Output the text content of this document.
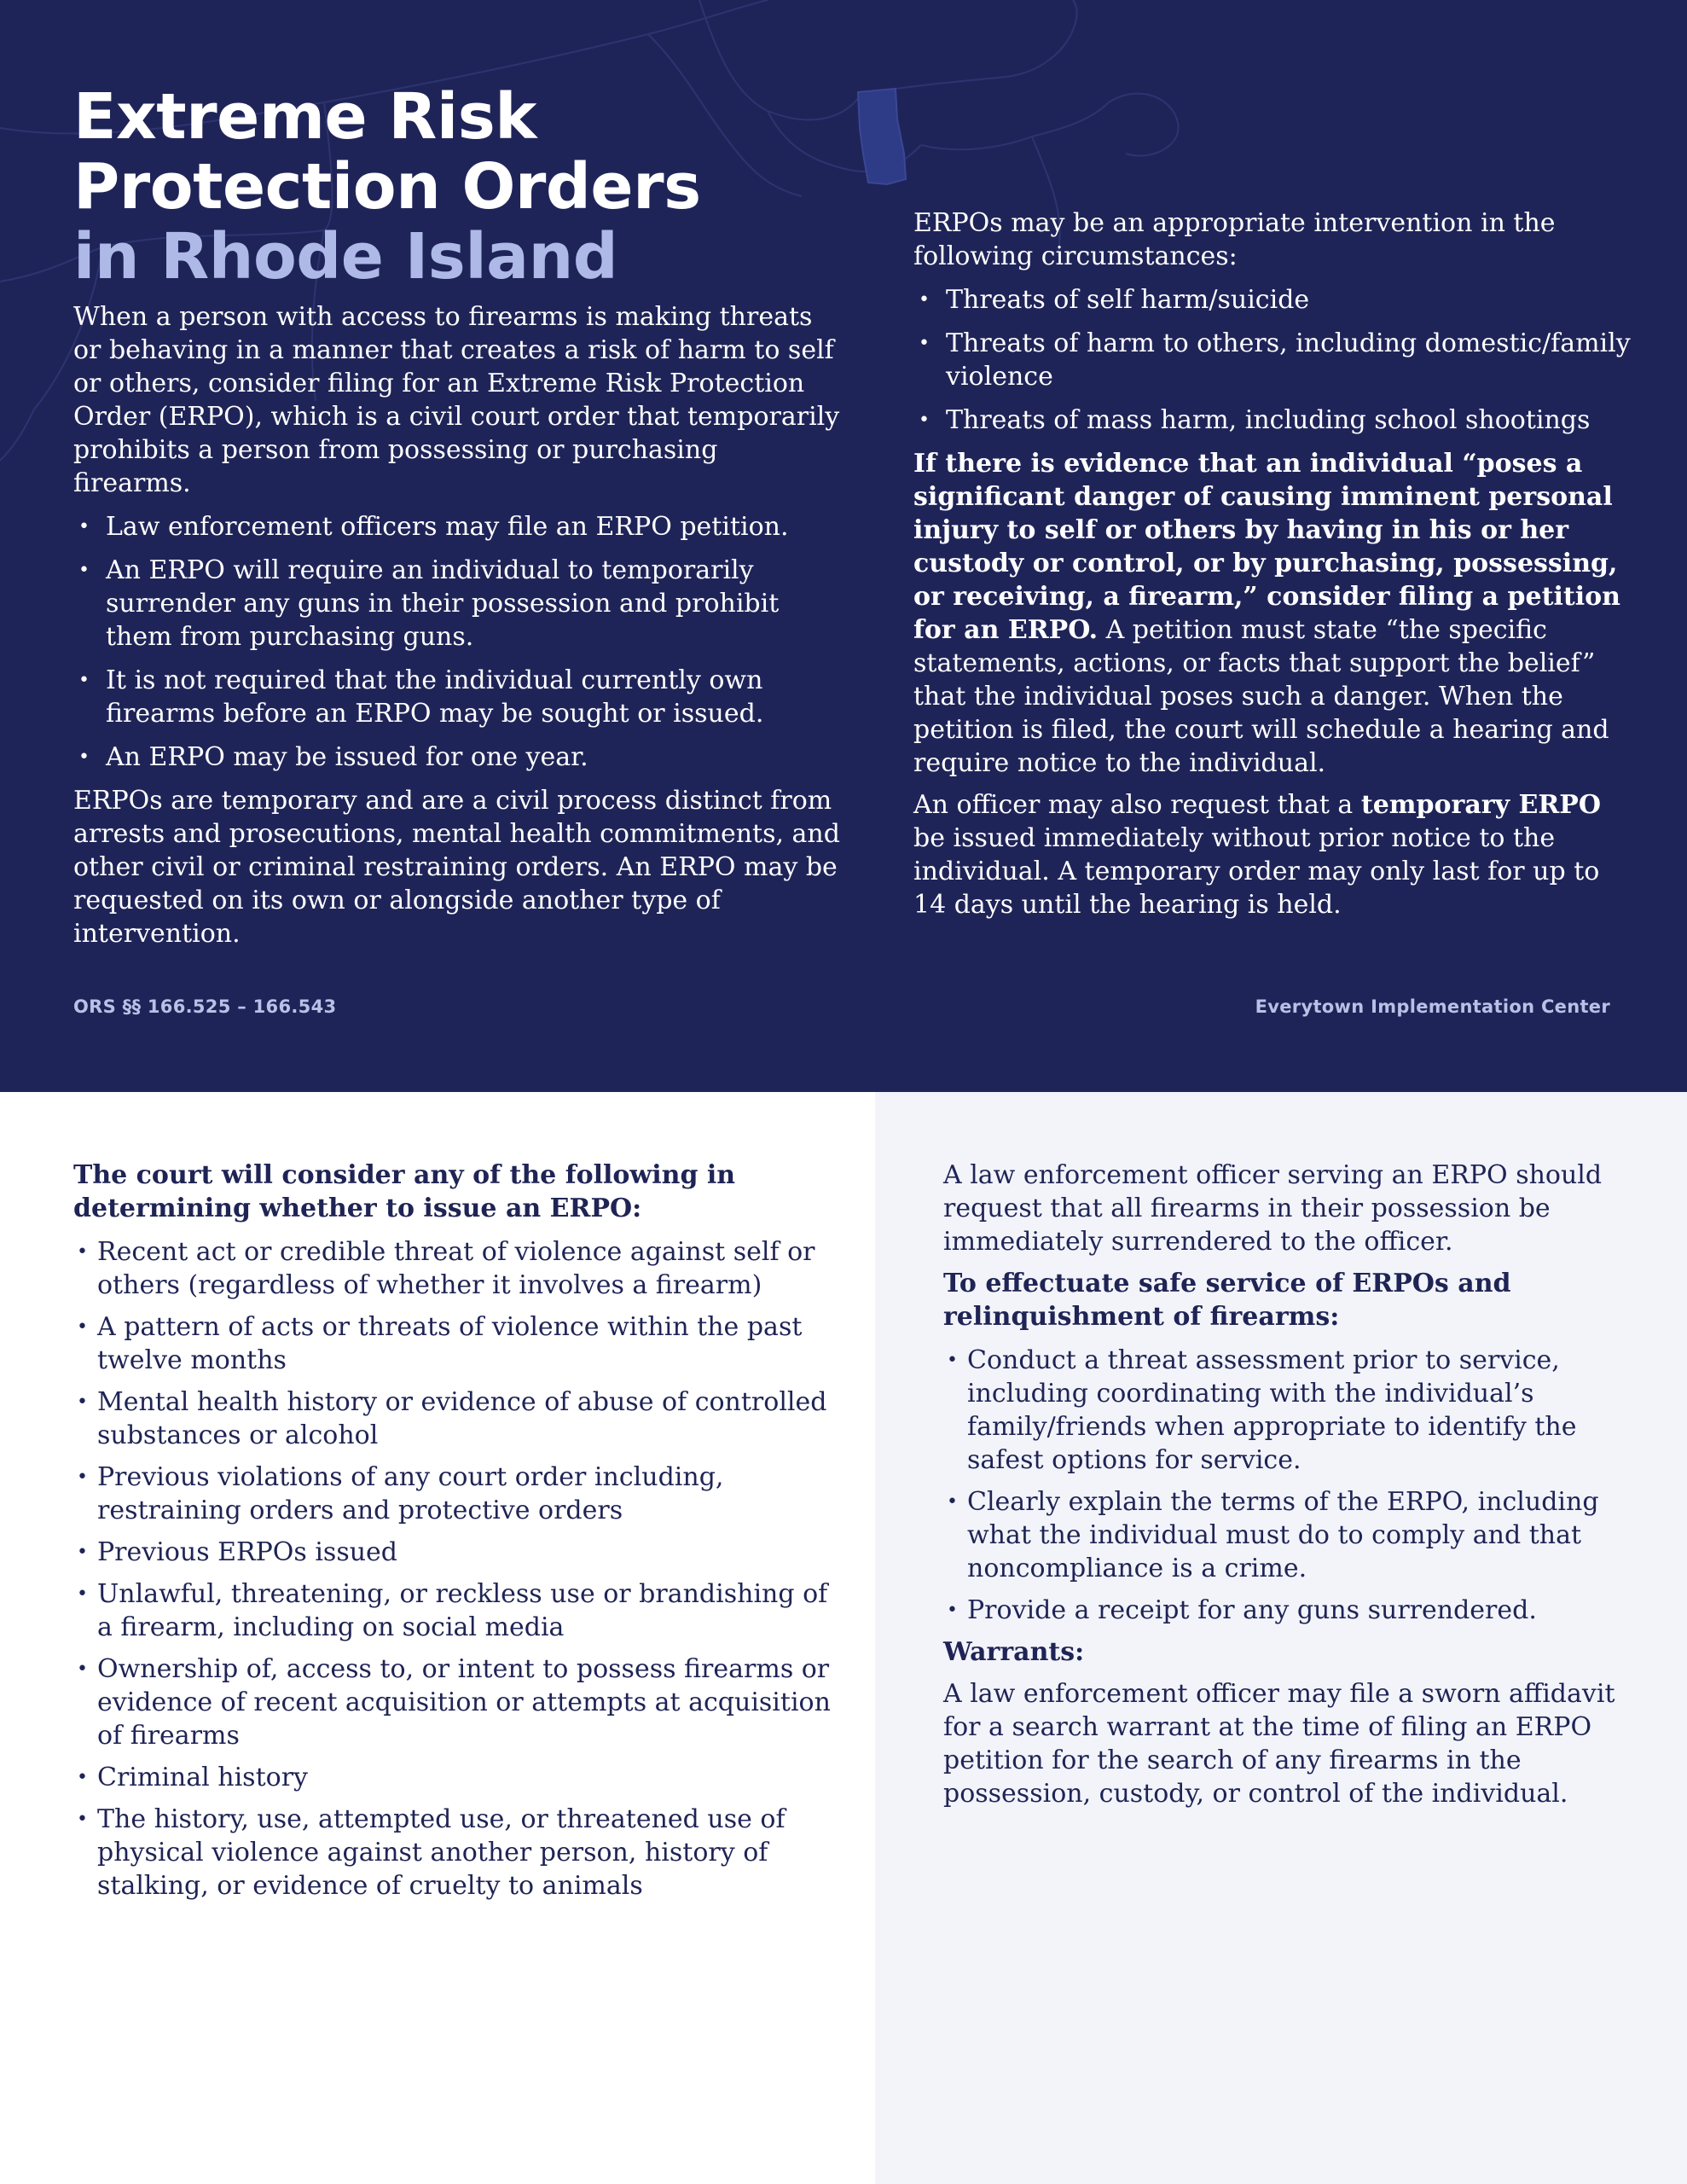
Extreme Risk
Protection Orders
in Rhode Island

When a person with access to firearms is making threats or behaving in a manner that creates a risk of harm to self or others, consider filing for an Extreme Risk Protection Order (ERPO), which is a civil court order that temporarily prohibits a person from possessing or purchasing firearms.

• Law enforcement officers may file an ERPO petition.
• An ERPO will require an individual to temporarily surrender any guns in their possession and prohibit them from purchasing guns.
• It is not required that the individual currently own firearms before an ERPO may be sought or issued.
• An ERPO may be issued for one year.

ERPOs are temporary and are a civil process distinct from arrests and prosecutions, mental health commitments, and other civil or criminal restraining orders. An ERPO may be requested on its own or alongside another type of intervention.

ERPOs may be an appropriate intervention in the following circumstances:

• Threats of self harm/suicide
• Threats of harm to others, including domestic/family violence
• Threats of mass harm, including school shootings

If there is evidence that an individual “poses a significant danger of causing imminent personal injury to self or others by having in his or her custody or control, or by purchasing, possessing, or receiving, a firearm,” consider filing a petition for an ERPO. A petition must state “the specific statements, actions, or facts that support the belief” that the individual poses such a danger. When the petition is filed, the court will schedule a hearing and require notice to the individual.

An officer may also request that a temporary ERPO be issued immediately without prior notice to the individual. A temporary order may only last for up to 14 days until the hearing is held.

ORS §§ 166.525 – 166.543	Everytown Implementation Center

The court will consider any of the following in determining whether to issue an ERPO:

• Recent act or credible threat of violence against self or others (regardless of whether it involves a firearm)
• A pattern of acts or threats of violence within the past twelve months
• Mental health history or evidence of abuse of controlled substances or alcohol
• Previous violations of any court order including, restraining orders and protective orders
• Previous ERPOs issued
• Unlawful, threatening, or reckless use or brandishing of a firearm, including on social media
• Ownership of, access to, or intent to possess firearms or evidence of recent acquisition or attempts at acquisition of firearms
• Criminal history
• The history, use, attempted use, or threatened use of physical violence against another person, history of stalking, or evidence of cruelty to animals

A law enforcement officer serving an ERPO should request that all firearms in their possession be immediately surrendered to the officer.

To effectuate safe service of ERPOs and relinquishment of firearms:

• Conduct a threat assessment prior to service, including coordinating with the individual’s family/friends when appropriate to identify the safest options for service.
• Clearly explain the terms of the ERPO, including what the individual must do to comply and that noncompliance is a crime.
• Provide a receipt for any guns surrendered.

Warrants:

A law enforcement officer may file a sworn affidavit for a search warrant at the time of filing an ERPO petition for the search of any firearms in the possession, custody, or control of the individual.
